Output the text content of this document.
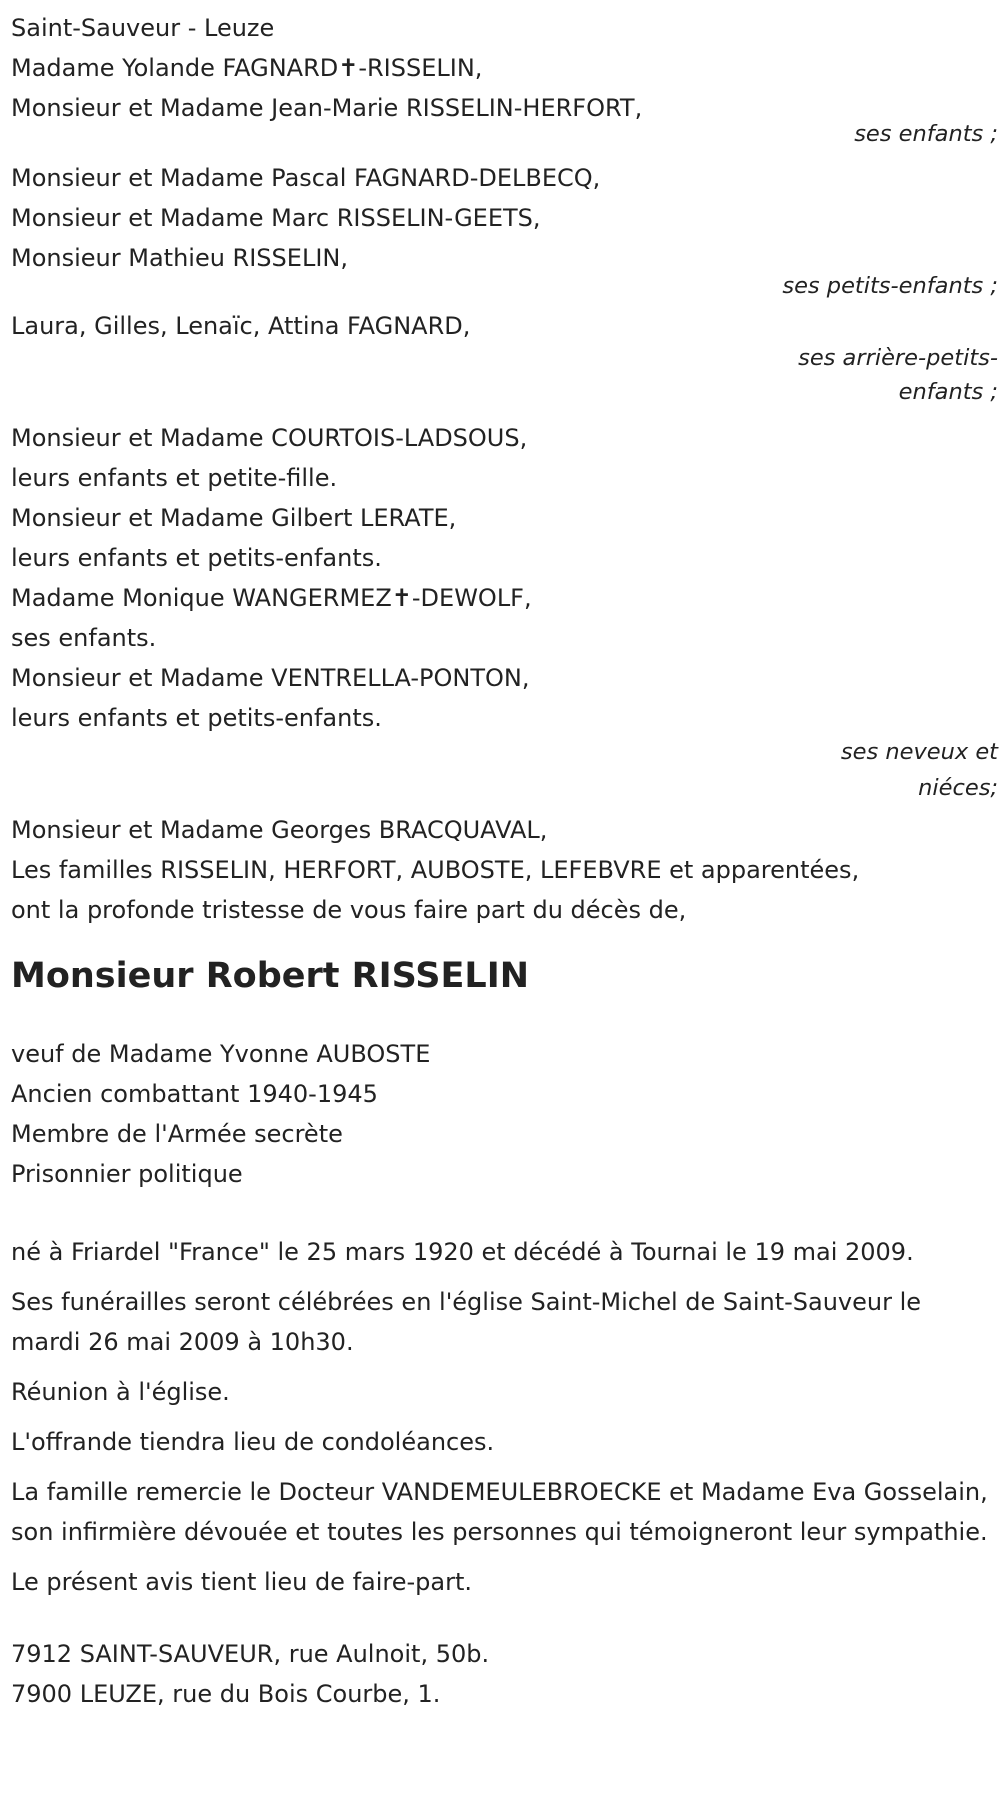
Saint-Sauveur - Leuze
Madame Yolande FAGNARD✝-RISSELIN,
Monsieur et Madame Jean-Marie RISSELIN-HERFORT,
ses enfants ;
Monsieur et Madame Pascal FAGNARD-DELBECQ,
Monsieur et Madame Marc RISSELIN-GEETS,
Monsieur Mathieu RISSELIN,
ses petits-enfants ;
Laura, Gilles, Lenaïc, Attina FAGNARD,
ses arrière-petits-
enfants ;
Monsieur et Madame COURTOIS-LADSOUS,
leurs enfants et petite-fille.
Monsieur et Madame Gilbert LERATE,
leurs enfants et petits-enfants.
Madame Monique WANGERMEZ✝-DEWOLF,
ses enfants.
Monsieur et Madame VENTRELLA-PONTON,
leurs enfants et petits-enfants.
ses neveux et
niéces;
Monsieur et Madame Georges BRACQUAVAL,
Les familles RISSELIN, HERFORT, AUBOSTE, LEFEBVRE et apparentées,
ont la profonde tristesse de vous faire part du décès de,
Monsieur Robert RISSELIN
veuf de Madame Yvonne AUBOSTE
Ancien combattant 1940-1945
Membre de l'Armée secrète
Prisonnier politique
né à Friardel "France" le 25 mars 1920 et décédé à Tournai le 19 mai 2009.
Ses funérailles seront célébrées en l'église Saint-Michel de Saint-Sauveur le mardi 26 mai 2009 à 10h30.
Réunion à l'église.
L'offrande tiendra lieu de condoléances.
La famille remercie le Docteur VANDEMEULEBROECKE et Madame Eva Gosselain, son infirmière dévouée et toutes les personnes qui témoigneront leur sympathie.
Le présent avis tient lieu de faire-part.
7912 SAINT-SAUVEUR, rue Aulnoit, 50b.
7900 LEUZE, rue du Bois Courbe, 1.
